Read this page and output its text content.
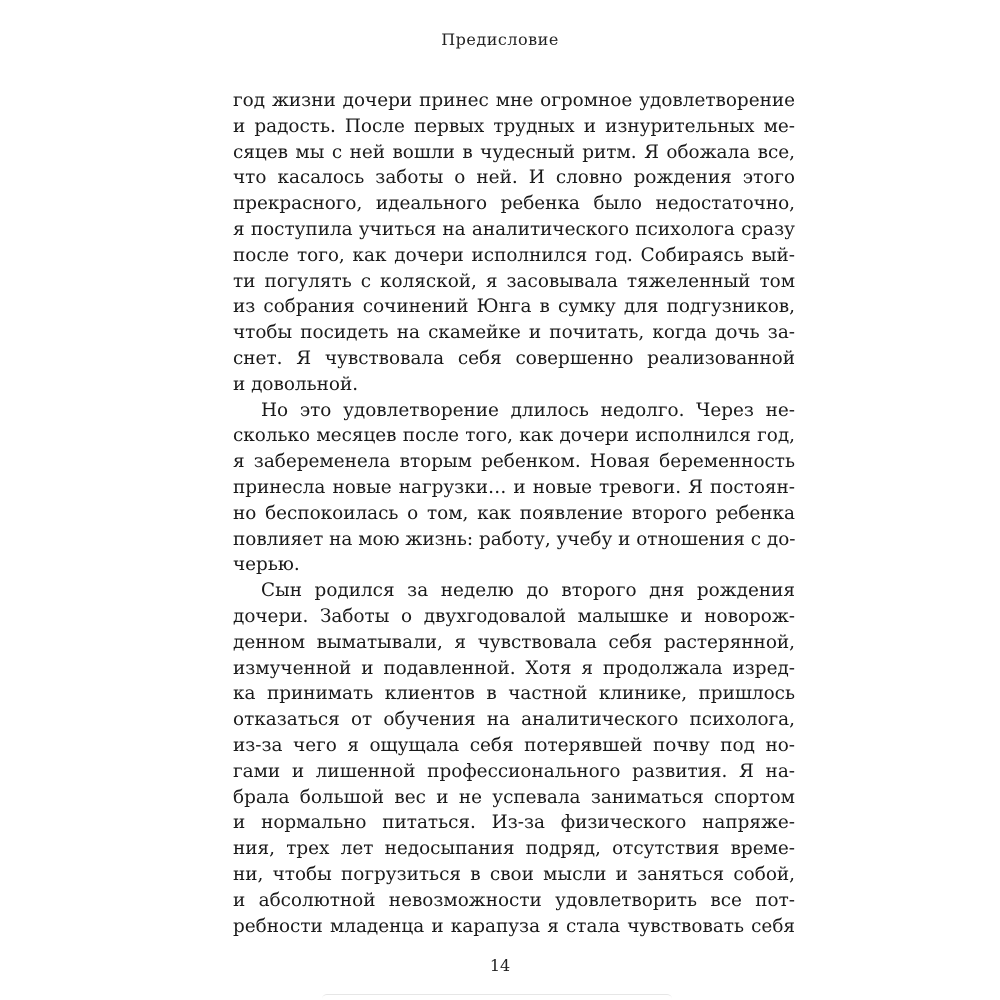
Предисловие
год жизни дочери принес мне огромное удовлетворение
и радость. После первых трудных и изнурительных ме-
сяцев мы с ней вошли в чудесный ритм. Я обожала все,
что касалось заботы о ней. И словно рождения этого
прекрасного, идеального ребенка было недостаточно,
я поступила учиться на аналитического психолога сразу
после того, как дочери исполнился год. Собираясь вый-
ти погулять с коляской, я засовывала тяжеленный том
из собрания сочинений Юнга в сумку для подгузников,
чтобы посидеть на скамейке и почитать, когда дочь за-
снет. Я чувствовала себя совершенно реализованной
и довольной.
Но это удовлетворение длилось недолго. Через не-
сколько месяцев после того, как дочери исполнился год,
я забеременела вторым ребенком. Новая беременность
принесла новые нагрузки… и новые тревоги. Я постоян-
но беспокоилась о том, как появление второго ребенка
повлияет на мою жизнь: работу, учебу и отношения с до-
черью.
Сын родился за неделю до второго дня рождения
дочери. Заботы о двухгодовалой малышке и новорож-
денном выматывали, я чувствовала себя растерянной,
измученной и подавленной. Хотя я продолжала изред-
ка принимать клиентов в частной клинике, пришлось
отказаться от обучения на аналитического психолога,
из-за чего я ощущала себя потерявшей почву под но-
гами и лишенной профессионального развития. Я на-
брала большой вес и не успевала заниматься спортом
и нормально питаться. Из-за физического напряже-
ния, трех лет недосыпания подряд, отсутствия време-
ни, чтобы погрузиться в свои мысли и заняться собой,
и абсолютной невозможности удовлетворить все пот-
ребности младенца и карапуза я стала чувствовать себя
14
